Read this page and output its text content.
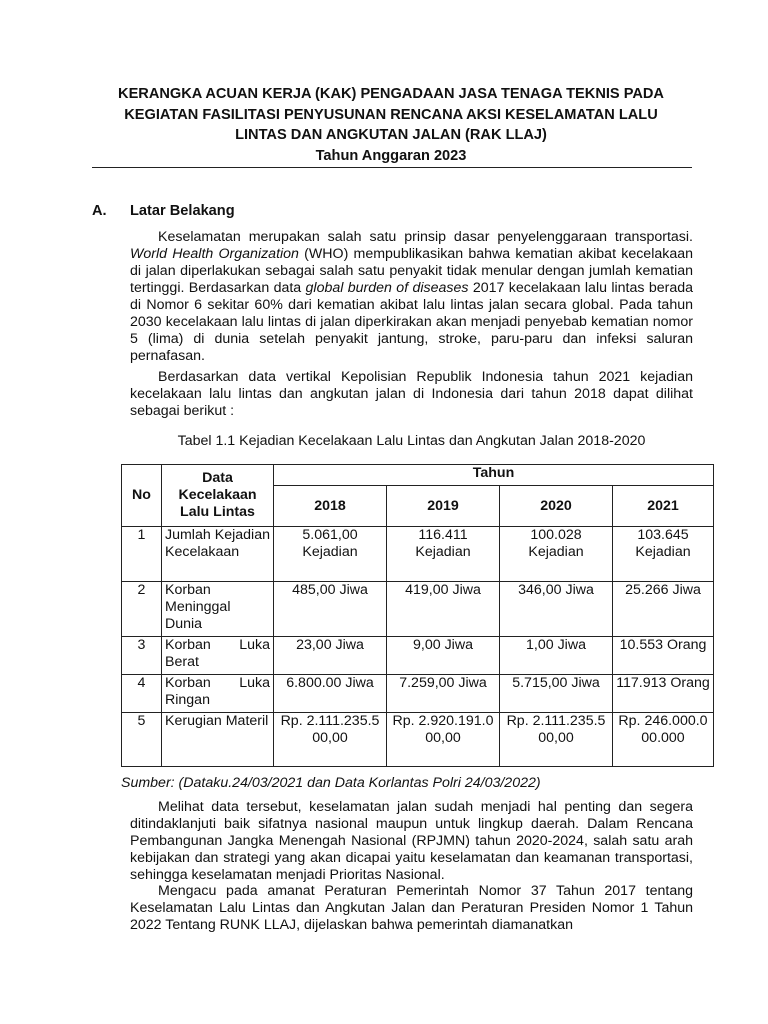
KERANGKA ACUAN KERJA (KAK) PENGADAAN JASA TENAGA TEKNIS PADA
KEGIATAN FASILITASI PENYUSUNAN RENCANA AKSI KESELAMATAN LALU
LINTAS DAN ANGKUTAN JALAN (RAK LLAJ)
Tahun Anggaran 2023
A. Latar Belakang

Keselamatan merupakan salah satu prinsip dasar penyelenggaraan transportasi. World Health Organization (WHO) mempublikasikan bahwa kematian akibat kecelakaan di jalan diperlakukan sebagai salah satu penyakit tidak menular dengan jumlah kematian tertinggi. Berdasarkan data global burden of diseases 2017 kecelakaan lalu lintas berada di Nomor 6 sekitar 60% dari kematian akibat lalu lintas jalan secara global. Pada tahun 2030 kecelakaan lalu lintas di jalan diperkirakan akan menjadi penyebab kematian nomor 5 (lima) di dunia setelah penyakit jantung, stroke, paru-paru dan infeksi saluran pernafasan.

Berdasarkan data vertikal Kepolisian Republik Indonesia tahun 2021 kejadian kecelakaan lalu lintas dan angkutan jalan di Indonesia dari tahun 2018 dapat dilihat sebagai berikut :

Tabel 1.1 Kejadian Kecelakaan Lalu Lintas dan Angkutan Jalan 2018-2020
No	Data Kecelakaan Lalu Lintas	Tahun			
		2018	2019	2020	2021
1	Jumlah Kejadian Kecelakaan	5.061,00 Kejadian	116.411 Kejadian	100.028 Kejadian	103.645 Kejadian
2	Korban Meninggal Dunia	485,00 Jiwa	419,00 Jiwa	346,00 Jiwa	25.266 Jiwa
3	Korban Luka Berat	23,00 Jiwa	9,00 Jiwa	1,00 Jiwa	10.553 Orang
4	Korban Luka Ringan	6.800.00 Jiwa	7.259,00 Jiwa	5.715,00 Jiwa	117.913 Orang
5	Kerugian Materil	Rp. 2.111.235.500,00	Rp. 2.920.191.000,00	Rp. 2.111.235.500,00	Rp. 246.000.000.000
Sumber: (Dataku.24/03/2021 dan Data Korlantas Polri 24/03/2022)

Melihat data tersebut, keselamatan jalan sudah menjadi hal penting dan segera ditindaklanjuti baik sifatnya nasional maupun untuk lingkup daerah. Dalam Rencana Pembangunan Jangka Menengah Nasional (RPJMN) tahun 2020-2024, salah satu arah kebijakan dan strategi yang akan dicapai yaitu keselamatan dan keamanan transportasi, sehingga keselamatan menjadi Prioritas Nasional.

Mengacu pada amanat Peraturan Pemerintah Nomor 37 Tahun 2017 tentang Keselamatan Lalu Lintas dan Angkutan Jalan dan Peraturan Presiden Nomor 1 Tahun 2022 Tentang RUNK LLAJ, dijelaskan bahwa pemerintah diamanatkan
